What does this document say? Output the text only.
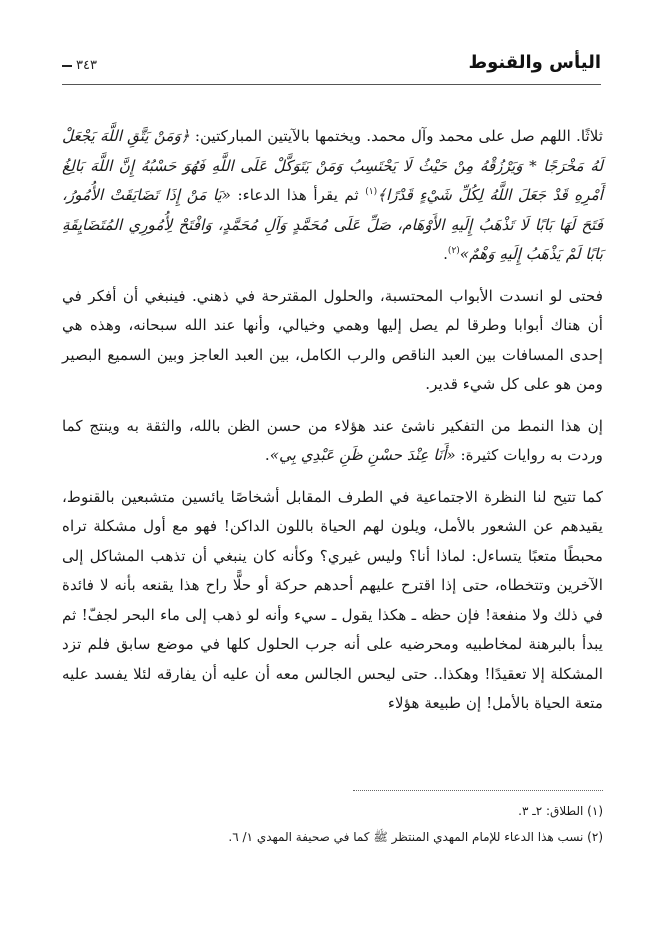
اليأس والقنوط
٣٤٣

ثلاثًا. اللهم صل على محمد وآل محمد. ويختمها بالآيتين المباركتين: ﴿وَمَنْ يَتَّقِ اللَّهَ يَجْعَلْ لَهُ مَخْرَجًا * وَيَرْزُقْهُ مِنْ حَيْثُ لَا يَحْتَسِبُ وَمَنْ يَتَوَكَّلْ عَلَى اللَّهِ فَهُوَ حَسْبُهُ إِنَّ اللَّهَ بَالِغُ أَمْرِهِ قَدْ جَعَلَ اللَّهُ لِكُلِّ شَيْءٍ قَدْرًا﴾$^{(١)}$ ثم يقرأ هذا الدعاء: «يَا مَنْ إِذَا تَضَايَقَتْ الأُمُورُ، فَتَحَ لَهَا بَابًا لَا تَذْهَبُ إِلَيهِ الأَوْهَام، صَلِّ عَلَى مُحَمَّدٍ وَآلِ مُحَمَّدٍ، وَافْتَحْ لِأُمُورِي المُتَضَايِقَةِ بَابًا لَمْ يَذْهَبُ إِلَيهِ وَهْمٌ»$^{(٢)}$.

فحتى لو انسدت الأبواب المحتسبة، والحلول المقترحة في ذهني. فينبغي أن أفكر في أن هناك أبوابا وطرقا لم يصل إليها وهمي وخيالي، وأنها عند الله سبحانه، وهذه هي إحدى المسافات بين العبد الناقص والرب الكامل، بين العبد العاجز وبين السميع البصير ومن هو على كل شيء قدير.

إن هذا النمط من التفكير ناشئ عند هؤلاء من حسن الظن بالله، والثقة به وينتج كما وردت به روايات كثيرة: «أَنَا عِنْدَ حسْنِ ظَنِ عَبْدِي بِي».

كما تتيح لنا النظرة الاجتماعية في الطرف المقابل أشخاصًا يائسين متشبعين بالقنوط، يقيدهم عن الشعور بالأمل، ويلون لهم الحياة باللون الداكن! فهو مع أول مشكلة تراه محبطًا متعبًا يتساءل: لماذا أنا؟ وليس غيري؟ وكأنه كان ينبغي أن تذهب المشاكل إلى الآخرين وتتخطاه، حتى إذا اقترح عليهم أحدهم حركة أو حلًّا راح هذا يقنعه بأنه لا فائدة في ذلك ولا منفعة! فإن حظه ـ هكذا يقول ـ سيء وأنه لو ذهب إلى ماء البحر لجفّ! ثم يبدأ بالبرهنة لمخاطبيه ومحرضيه على أنه جرب الحلول كلها في موضع سابق فلم تزد المشكلة إلا تعقيدًا! وهكذا.. حتى ليحس الجالس معه أن عليه أن يفارقه لئلا يفسد عليه متعة الحياة بالأمل! إن طبيعة هؤلاء

(١) الطلاق: ٢ـ ٣.
(٢) نسب هذا الدعاء للإمام المهدي المنتظر ﷺ كما في صحيفة المهدي ١/ ٦.
